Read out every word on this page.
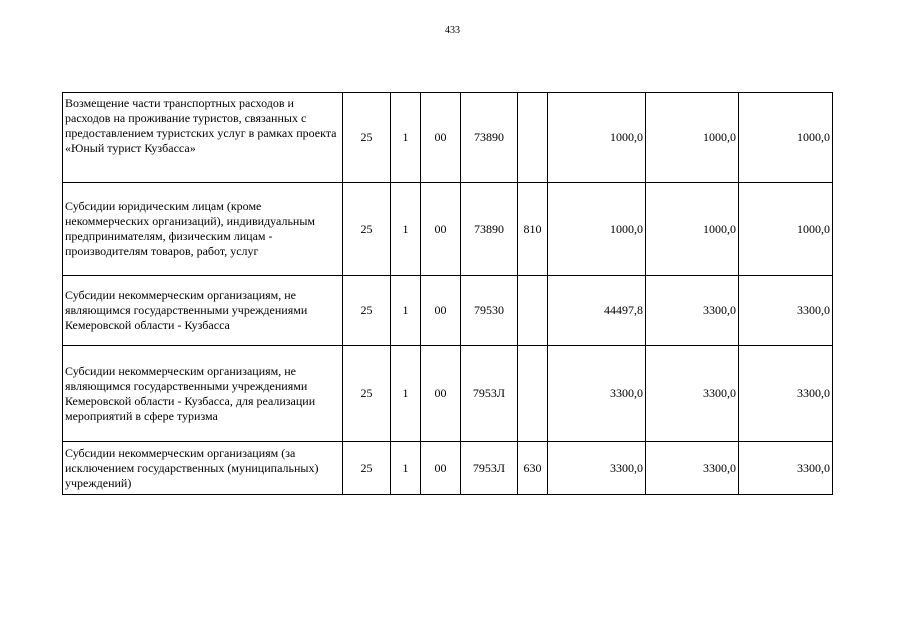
433
Возмещение части транспортных расходов и расходов на проживание туристов, связанных с предоставлением туристских услуг в рамках проекта «Юный турист Кузбасса»	25	1	00	73890		1000,0	1000,0	1000,0
Субсидии юридическим лицам (кроме некоммерческих организаций), индивидуальным предпринимателям, физическим лицам - производителям товаров, работ, услуг	25	1	00	73890	810	1000,0	1000,0	1000,0
Субсидии некоммерческим организациям, не являющимся государственными учреждениями Кемеровской области - Кузбасса	25	1	00	79530		44497,8	3300,0	3300,0
Субсидии некоммерческим организациям, не являющимся государственными учреждениями Кемеровской области - Кузбасса, для реализации мероприятий в сфере туризма	25	1	00	7953Л		3300,0	3300,0	3300,0
Субсидии некоммерческим организациям (за исключением государственных (муниципальных) учреждений)	25	1	00	7953Л	630	3300,0	3300,0	3300,0
